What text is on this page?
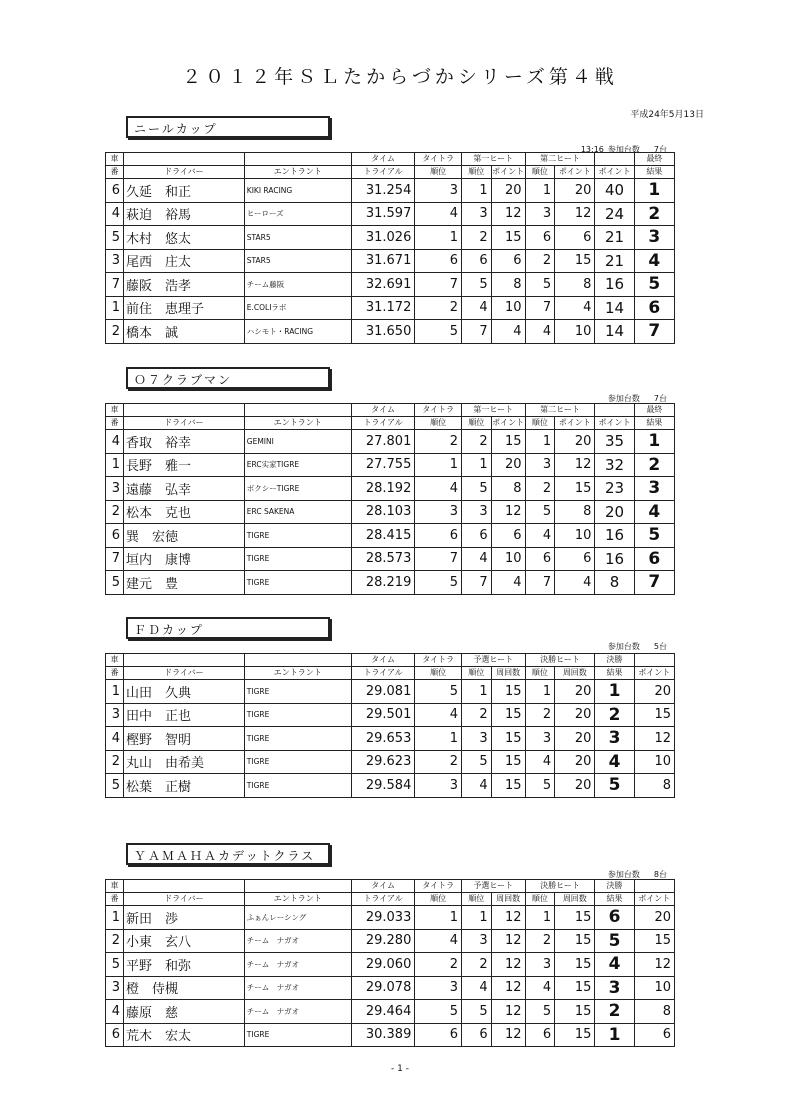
２０１２年ＳＬたからづかシリーズ第４戦
平成24年5月13日
ニールカップ
13:16 参加台数 7台
車			タイム	タイトラ	第一ヒート		第二ヒート			最終
番	ドライバー	エントラント	トライアル	順位	順位	ポイント	順位	ポイント	ポイント	結果
6	久延　和正	KIKI RACING	31.254	3	1	20	1	20	40	1
4	萩迫　裕馬	ヒーローズ	31.597	4	3	12	3	12	24	2
5	木村　悠太	STAR5	31.026	1	2	15	6	6	21	3
3	尾西　庄太	STAR5	31.671	6	6	6	2	15	21	4
7	藤阪　浩孝	チーム藤阪	32.691	7	5	8	5	8	16	5
1	前住　恵理子	E.COLIラボ	31.172	2	4	10	7	4	14	6
2	橋本　誠	ハシモト・RACING	31.650	5	7	4	4	10	14	7
Ｏ７クラブマン
参加台数 7台
車			タイム	タイトラ	第一ヒート		第二ヒート			最終
番	ドライバー	エントラント	トライアル	順位	順位	ポイント	順位	ポイント	ポイント	結果
4	香取　裕幸	GEMINI	27.801	2	2	15	1	20	35	1
1	長野　雅一	ERC实家TIGRE	27.755	1	1	20	3	12	32	2
3	遠藤　弘幸	ボクシーTIGRE	28.192	4	5	8	2	15	23	3
2	松本　克也	ERC SAKENA	28.103	3	3	12	5	8	20	4
6	巽　宏徳	TIGRE	28.415	6	6	6	4	10	16	5
7	垣内　康博	TIGRE	28.573	7	4	10	6	6	16	6
5	建元　豊	TIGRE	28.219	5	7	4	7	4	8	7
ＦＤカップ
参加台数 5台
車			タイム	タイトラ	予選ヒート		決勝ヒート		決勝	
番	ドライバー	エントラント	トライアル	順位	順位	周回数	順位	周回数	結果	ポイント
1	山田　久典	TIGRE	29.081	5	1	15	1	20	1	20
3	田中　正也	TIGRE	29.501	4	2	15	2	20	2	15
4	樫野　智明	TIGRE	29.653	1	3	15	3	20	3	12
2	丸山　由希美	TIGRE	29.623	2	5	15	4	20	4	10
5	松葉　正樹	TIGRE	29.584	3	4	15	5	20	5	8
ＹＡＭＡＨＡカデットクラス
参加台数 8台
車			タイム	タイトラ	予選ヒート		決勝ヒート		決勝	
番	ドライバー	エントラント	トライアル	順位	順位	周回数	順位	周回数	結果	ポイント
1	新田　渉	ふぁんレーシング	29.033	1	1	12	1	15	6	20
2	小東　玄八	チーム　ナガオ	29.280	4	3	12	2	15	5	15
5	平野　和弥	チーム　ナガオ	29.060	2	2	12	3	15	4	12
3	橙　侍槻	チーム　ナガオ	29.078	3	4	12	4	15	3	10
4	藤原　慈	チーム　ナガオ	29.464	5	5	12	5	15	2	8
6	荒木　宏太	TIGRE	30.389	6	6	12	6	15	1	6
- 1 -
